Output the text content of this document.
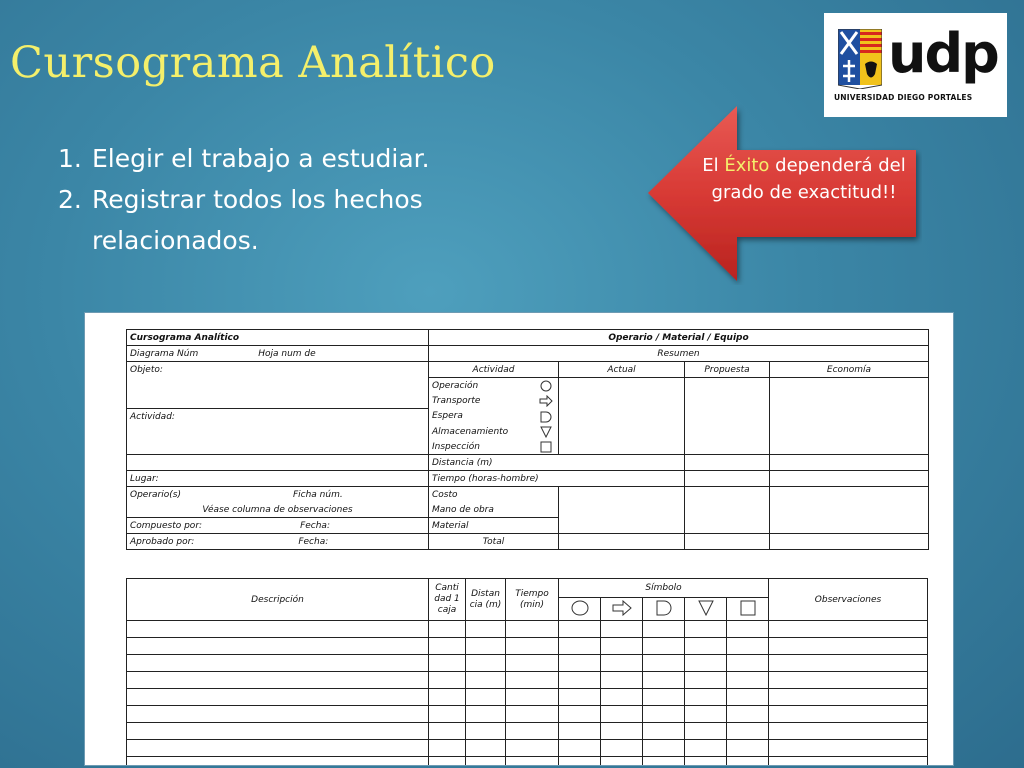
Cursograma Analítico
1. Elegir el trabajo a estudiar.
2. Registrar todos los hechos relacionados.
udp
UNIVERSIDAD DIEGO PORTALES
El Éxito dependerá del grado de exactitud!!
Cursograma Analítico	Operario / Material / Equipo			
Diagrama Núm Hoja num de	Resumen			
Objeto:	Actividad	Actual	Propuesta	Economía
	Operación

	Transporte			

Actividad:	Espera			

	Almacenamiento			

	Inspección			

	Distancia (m)			
Lugar:	Tiempo (horas-hombre)			
Operario(s) Ficha núm.	Costo			
Véase columna de observaciones	Mano de obra			
Compuesto por: Fecha:	Material			
Aprobado por: Fecha:	Total			
Descripción	Canti dad 1 caja	Distan cia (m)	Tiempo (min)	Símbolo					Observaciones
